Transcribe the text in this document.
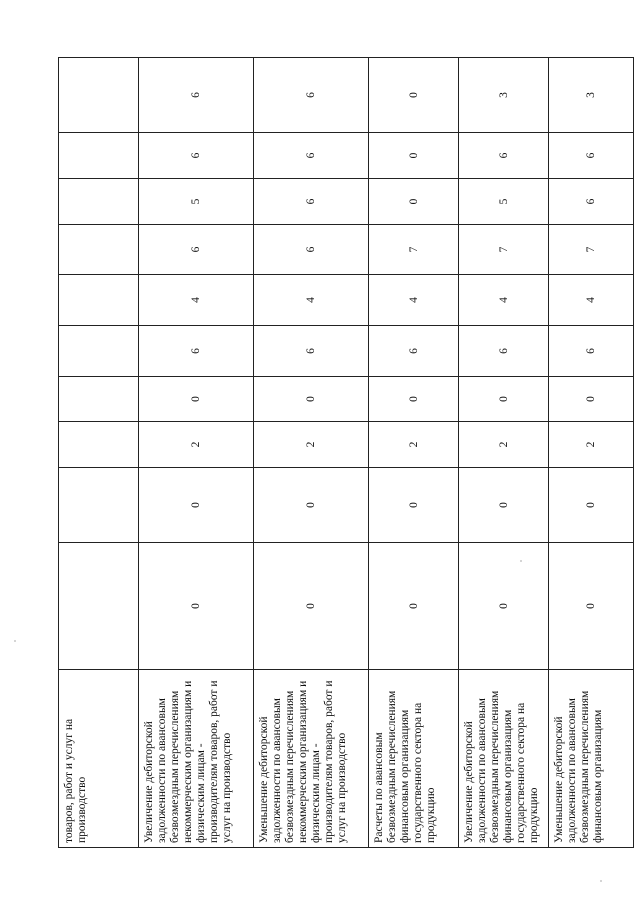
товаров, работ и услуг на производство										

Увеличение дебиторской задолженности по авансовым безвозмездным перечислениям некоммерческим организациям и физическим лицам - производителям товаров, работ и услуг на производство	0	0	2	0	6	4	6	5	6	6

Уменьшение дебиторской задолженности по авансовым безвозмездным перечислениям некоммерческим организациям и физическим лицам - производителям товаров, работ и услуг на производство	0	0	2	0	6	4	6	6	6	6

Расчеты по авансовым безвозмездным перечислениям финансовым организациям государственного сектора на продукцию	0	0	2	0	6	4	7	0	0	0

Увеличение дебиторской задолженности по авансовым безвозмездным перечислениям финансовым организациям государственного сектора на продукцию	0	0	2	0	6	4	7	5	6	3

Уменьшение дебиторской задолженности по авансовым безвозмездным перечислениям финансовым организациям	0	0	2	0	6	4	7	6	6	3
